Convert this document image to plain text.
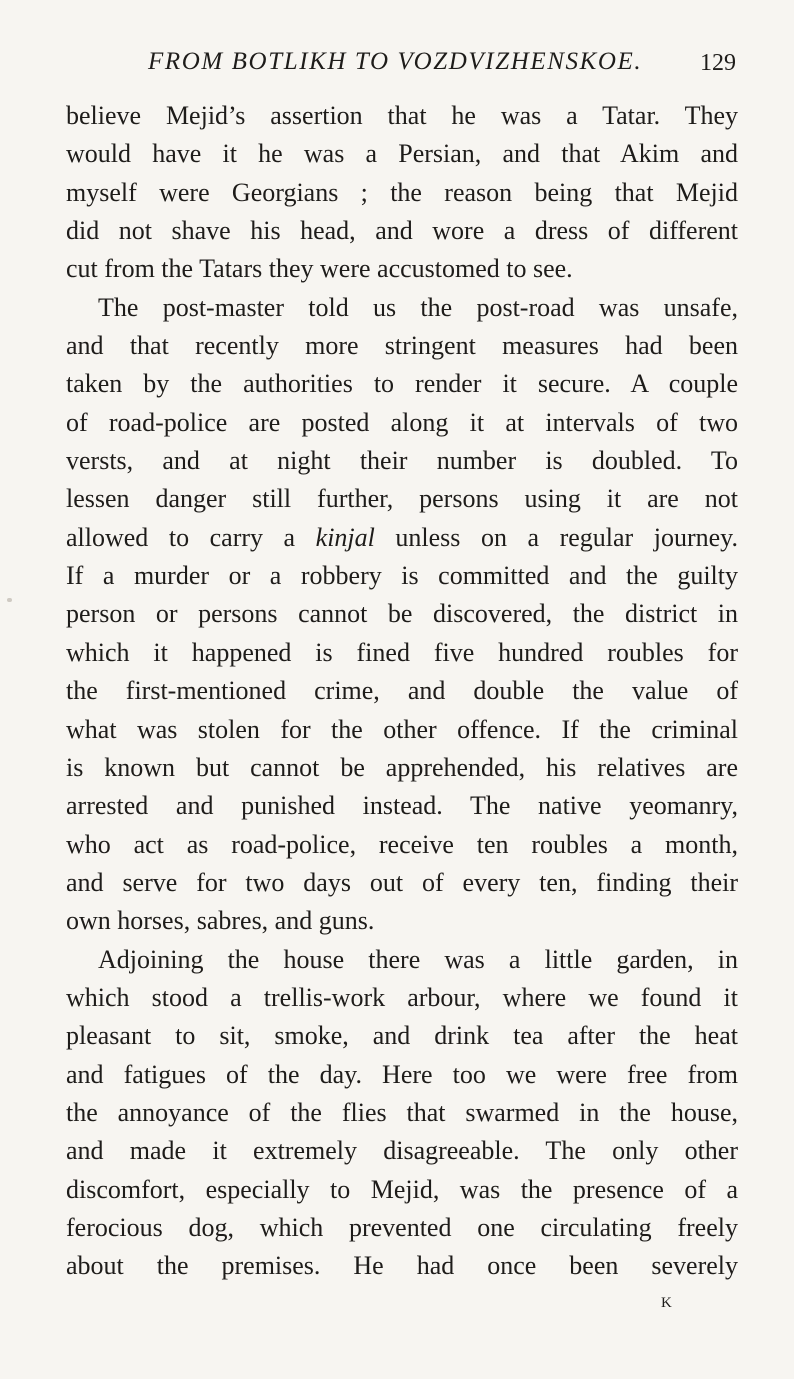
FROM BOTLIKH TO VOZDVIZHENSKOE. 129
believe Mejid’s assertion that he was a Tatar. They
would have it he was a Persian, and that Akim and
myself were Georgians ; the reason being that Mejid
did not shave his head, and wore a dress of different
cut from the Tatars they were accustomed to see.
The post-master told us the post-road was unsafe,
and that recently more stringent measures had been
taken by the authorities to render it secure. A couple
of road-police are posted along it at intervals of two
versts, and at night their number is doubled. To
lessen danger still further, persons using it are not
allowed to carry a kinjal unless on a regular journey.
If a murder or a robbery is committed and the guilty
person or persons cannot be discovered, the district in
which it happened is fined five hundred roubles for
the first-mentioned crime, and double the value of
what was stolen for the other offence. If the criminal
is known but cannot be apprehended, his relatives are
arrested and punished instead. The native yeomanry,
who act as road-police, receive ten roubles a month,
and serve for two days out of every ten, finding their
own horses, sabres, and guns.
Adjoining the house there was a little garden, in
which stood a trellis-work arbour, where we found it
pleasant to sit, smoke, and drink tea after the heat
and fatigues of the day. Here too we were free from
the annoyance of the flies that swarmed in the house,
and made it extremely disagreeable. The only other
discomfort, especially to Mejid, was the presence of a
ferocious dog, which prevented one circulating freely
about the premises. He had once been severely
K
